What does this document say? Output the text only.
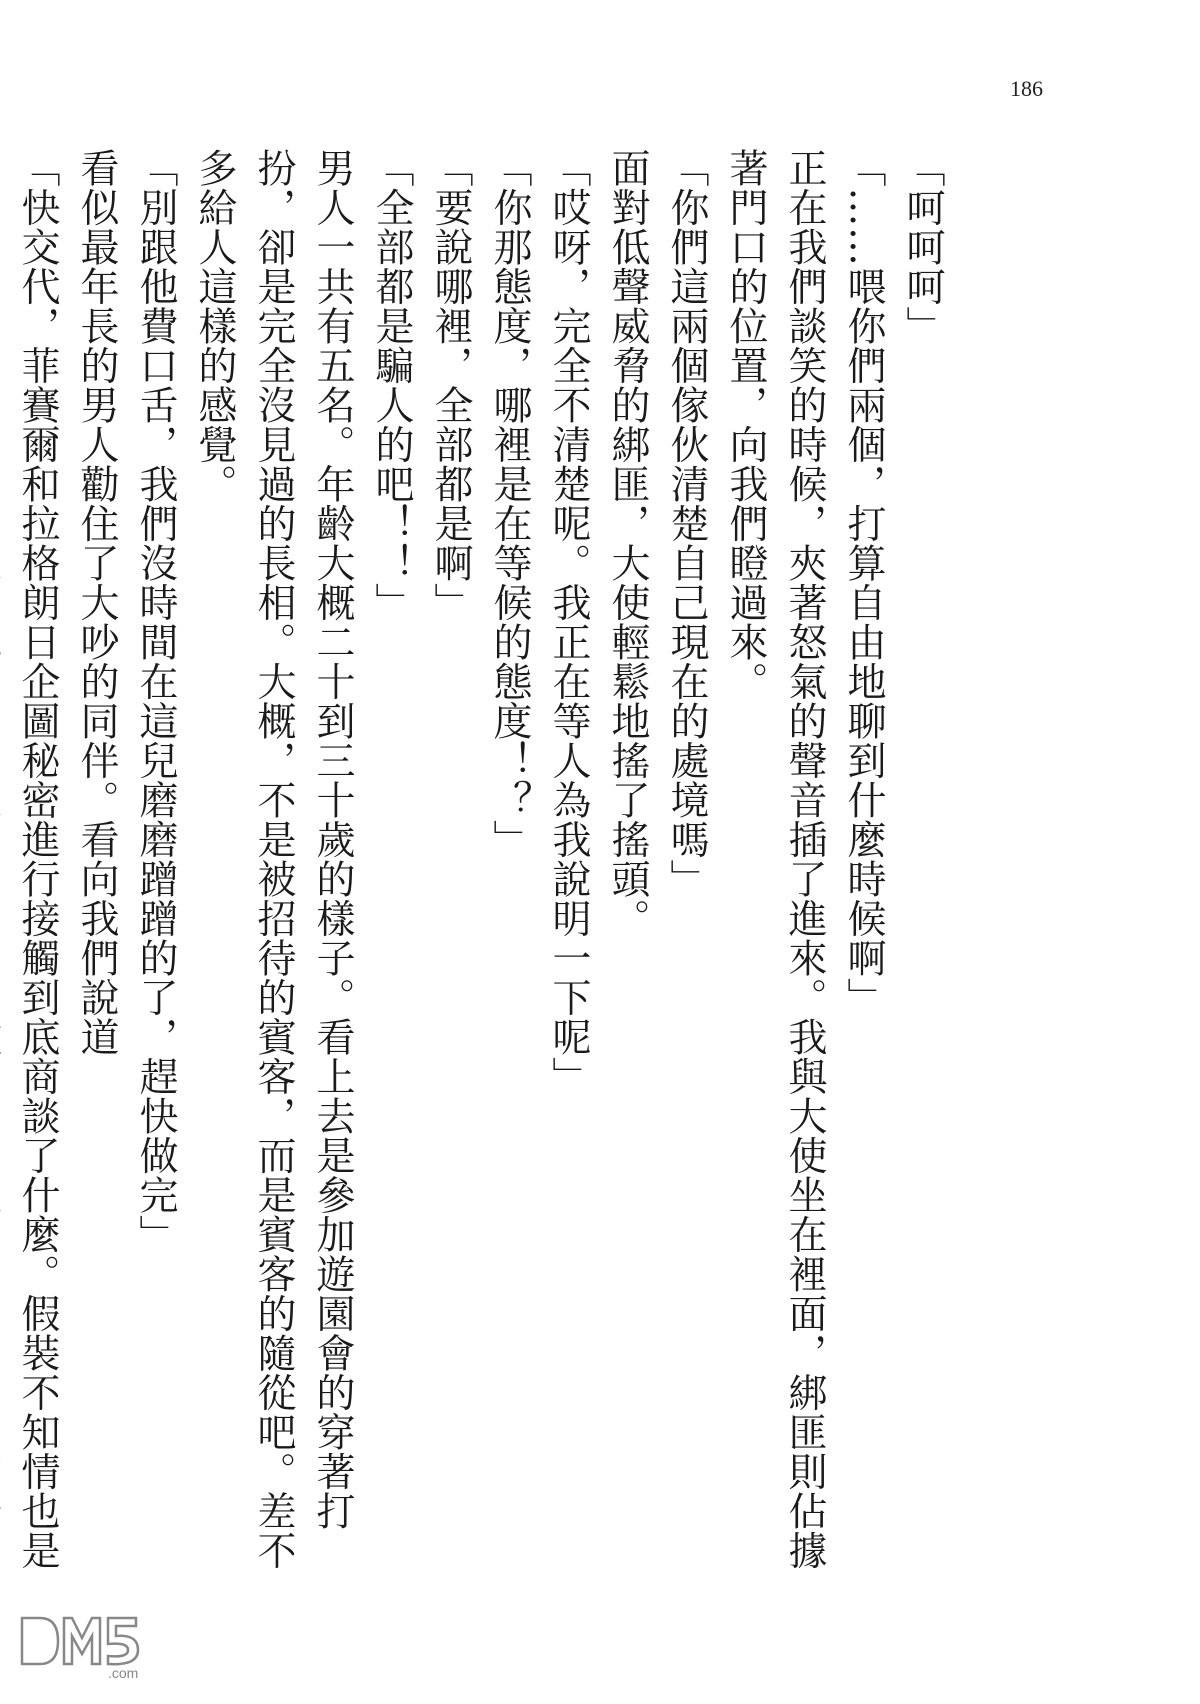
186

「呵呵呵」

「……喂你們兩個，打算自由地聊到什麼時候啊」

正在我們談笑的時候，夾著怒氣的聲音插了進來。我與大使坐在裡面，綁匪則佔據著門口的位置，向我們瞪過來。

「你們這兩個傢伙清楚自己現在的處境嗎」

面對低聲威脅的綁匪，大使輕鬆地搖了搖頭。

「哎呀，完全不清楚呢。我正在等人為我說明一下呢」

「你那態度，哪裡是在等候的態度！？」

「要說哪裡，全部都是啊」

「全部都是騙人的吧！！」

男人一共有五名。年齡大概二十到三十歲的樣子。看上去是參加遊園會的穿著打扮，卻是完全沒見過的長相。大概，不是被招待的賓客，而是賓客的隨從吧。差不多給人這樣的感覺。

「別跟他費口舌，我們沒時間在這兒磨磨蹭蹭的了，趕快做完」

看似最年長的男人勸住了大吵的同伴。看向我們說道

「快交代，菲賽爾和拉格朗日企圖秘密進行接觸到底商談了什麼。假裝不知情也是

.com
